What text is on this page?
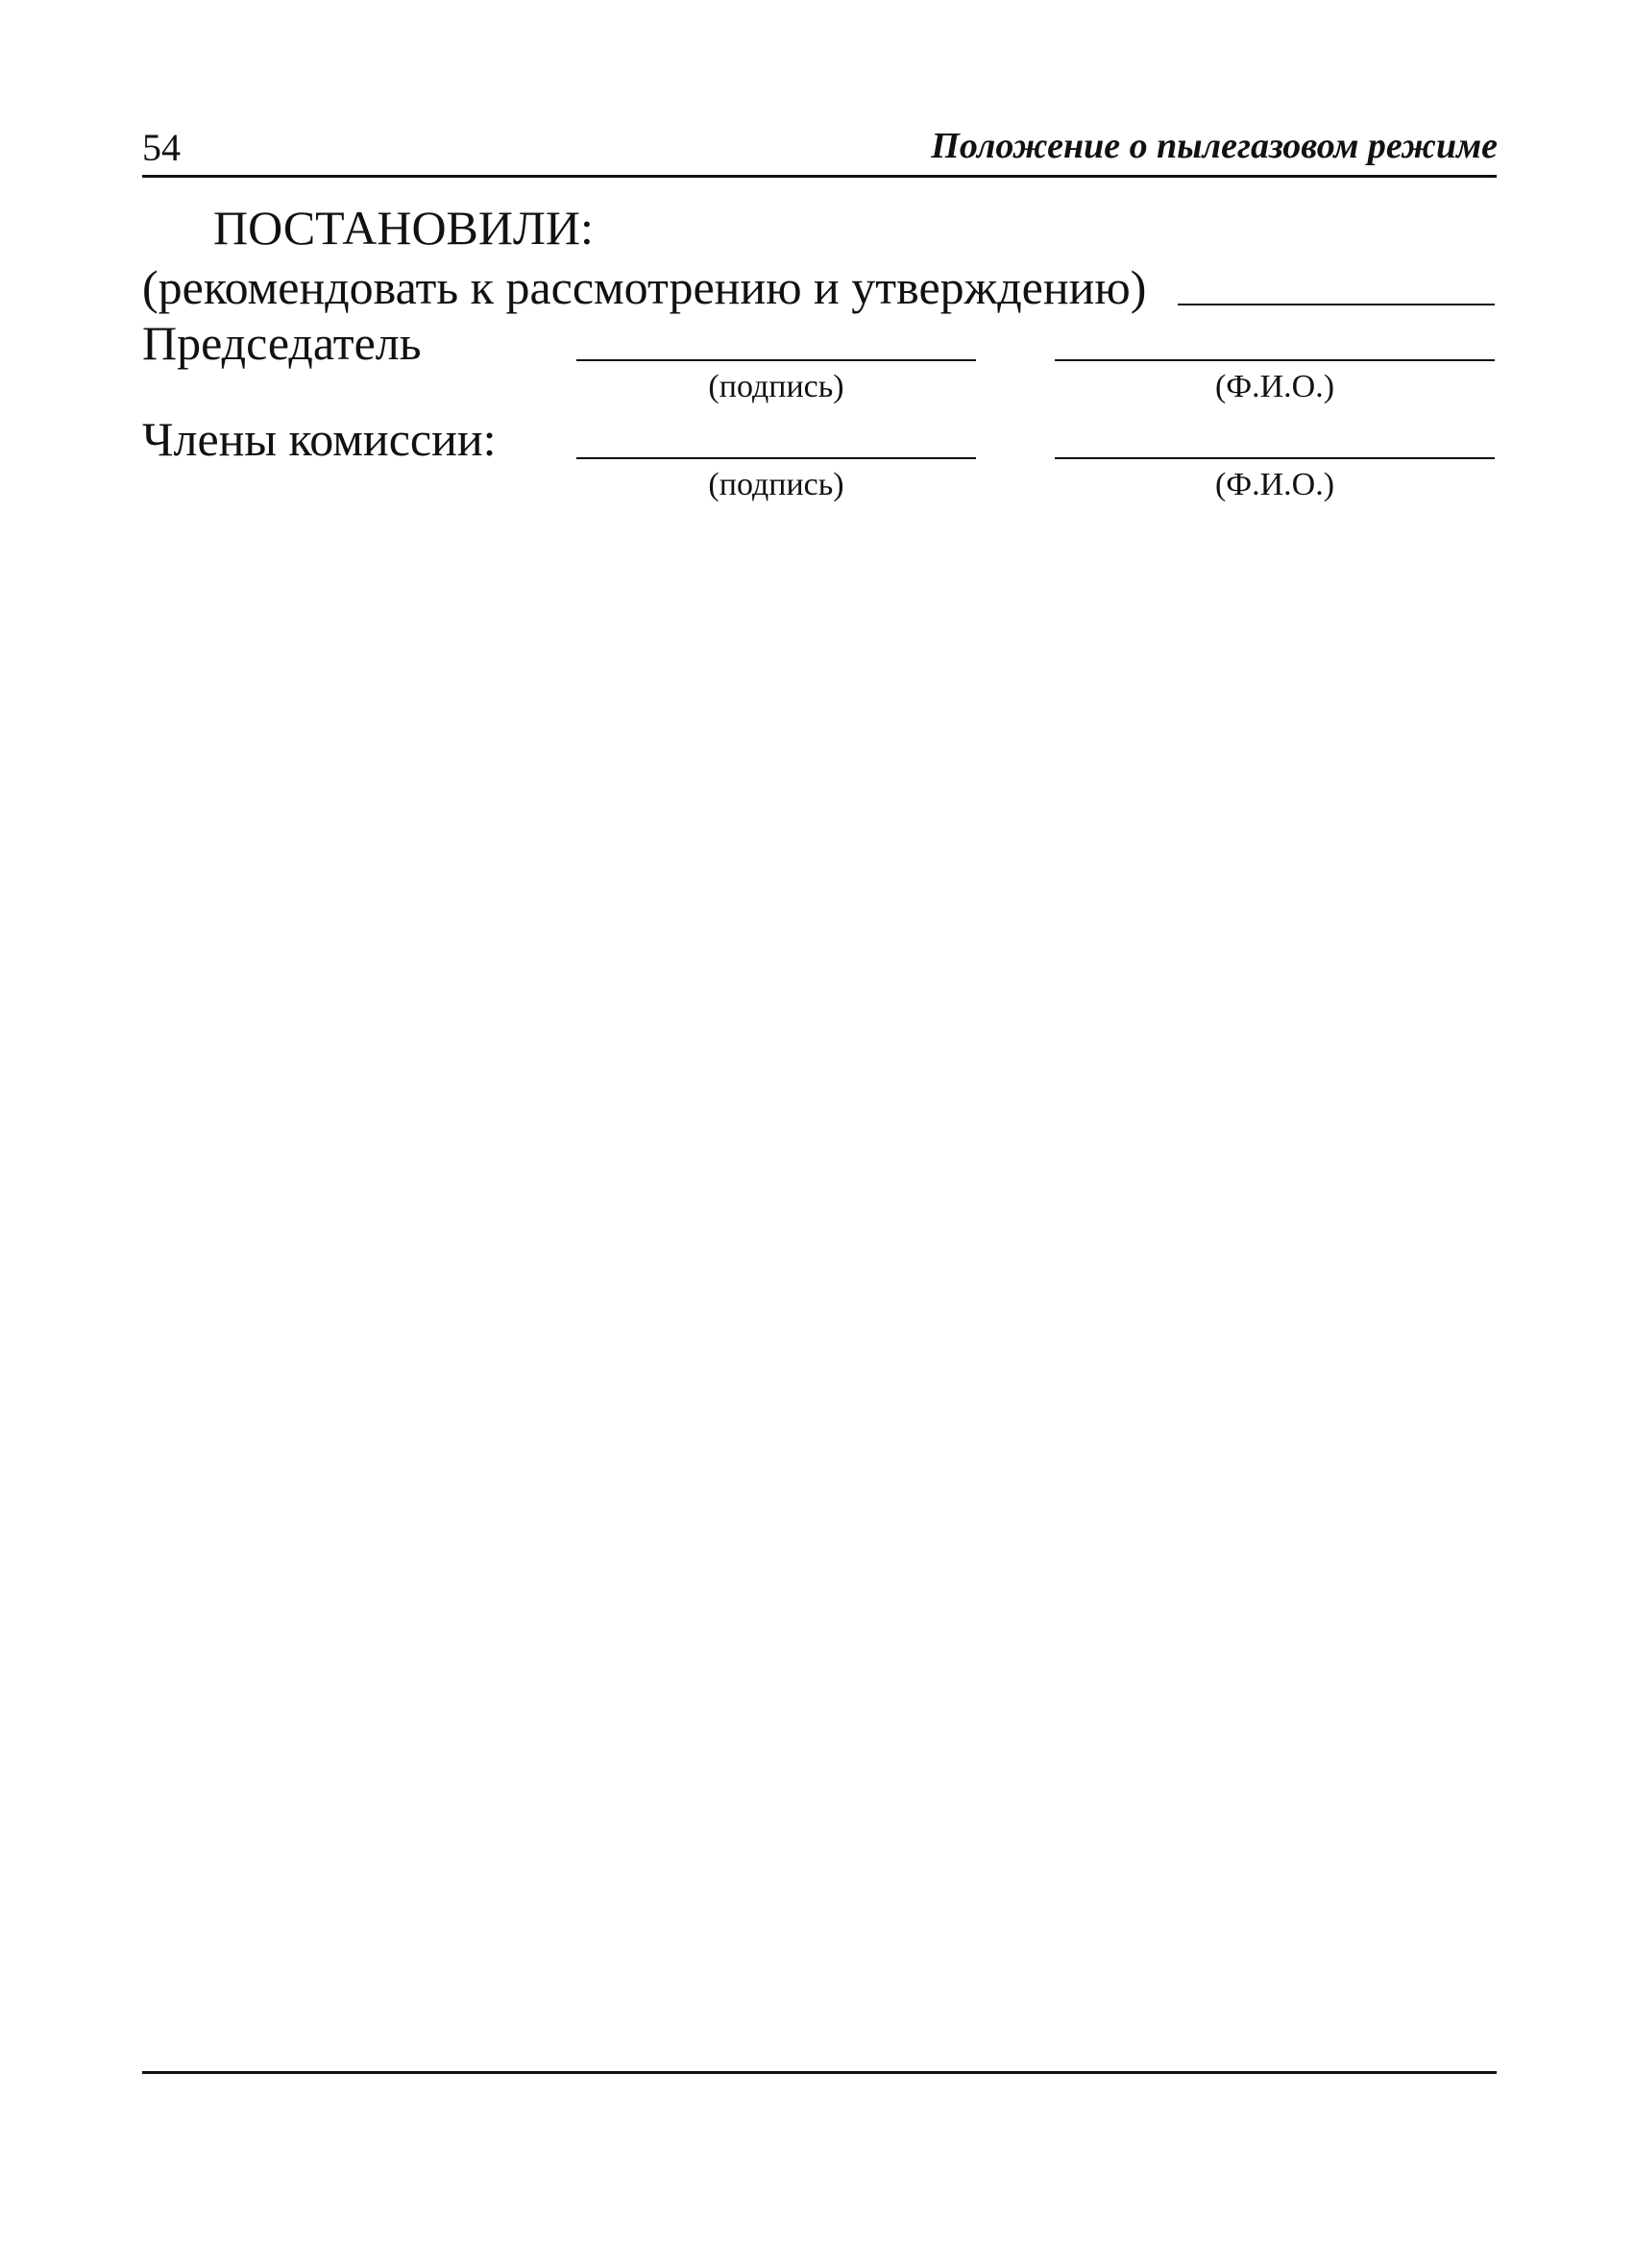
54	Положение о пылегазовом режиме
ПОСТАНОВИЛИ:
(рекомендовать к рассмотрению и утверждению)
Председатель
(подпись)	(Ф.И.О.)
Члены комиссии:
(подпись)	(Ф.И.О.)
